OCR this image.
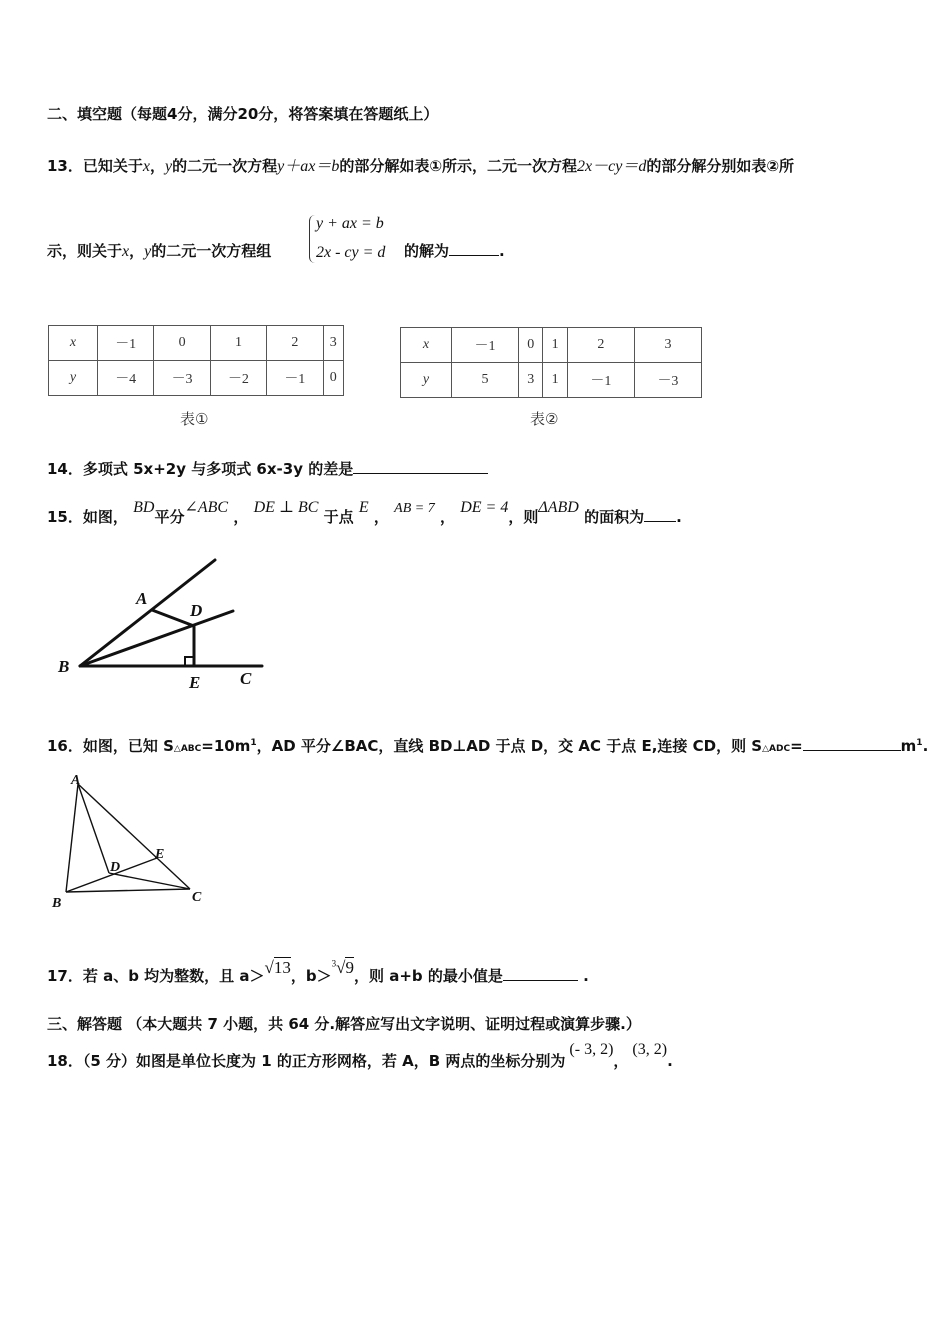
二、填空题（每题4分，满分20分，将答案填在答题纸上）
13．已知关于x，y的二元一次方程y＋ax＝b的部分解如表①所示，二元一次方程2x－cy＝d的部分解分别如表②所
示，则关于x，y的二元一次方程组
y + ax = b
2x - cy = d 的解为	.
x	－1	0	1	2	3
y	－4	－3	－2	－1	0
表①
x	－1	0	1	2	3
y	5	3	1	－1	－3
表②
14．多项式 5x+2y 与多项式 6x-3y 的差是
15．如图， BD平分∠ABC ， DE ⊥ BC 于点 E ， AB = 7 ， DE = 4，则ΔABD 的面积为 .
A
D
B
E C
16．如图，已知 $S\triangle ABC=10m^1$，AD 平分∠BAC，直线 BD⊥AD 于点 D，交 AC 于点 E,连接 CD，则 S△ADC=	$m^1$.
A
D
E
B	C
17．若 a、b 均为整数，且 a＞√13，b＞$^3$√9，则 a+b 的最小值是	.
三、解答题 （本大题共 7 小题，共 64 分.解答应写出文字说明、证明过程或演算步骤.）
18．（5 分）如图是单位长度为 1 的正方形网格，若 A，B 两点的坐标分别为(- 3, 2)，(3, 2).
